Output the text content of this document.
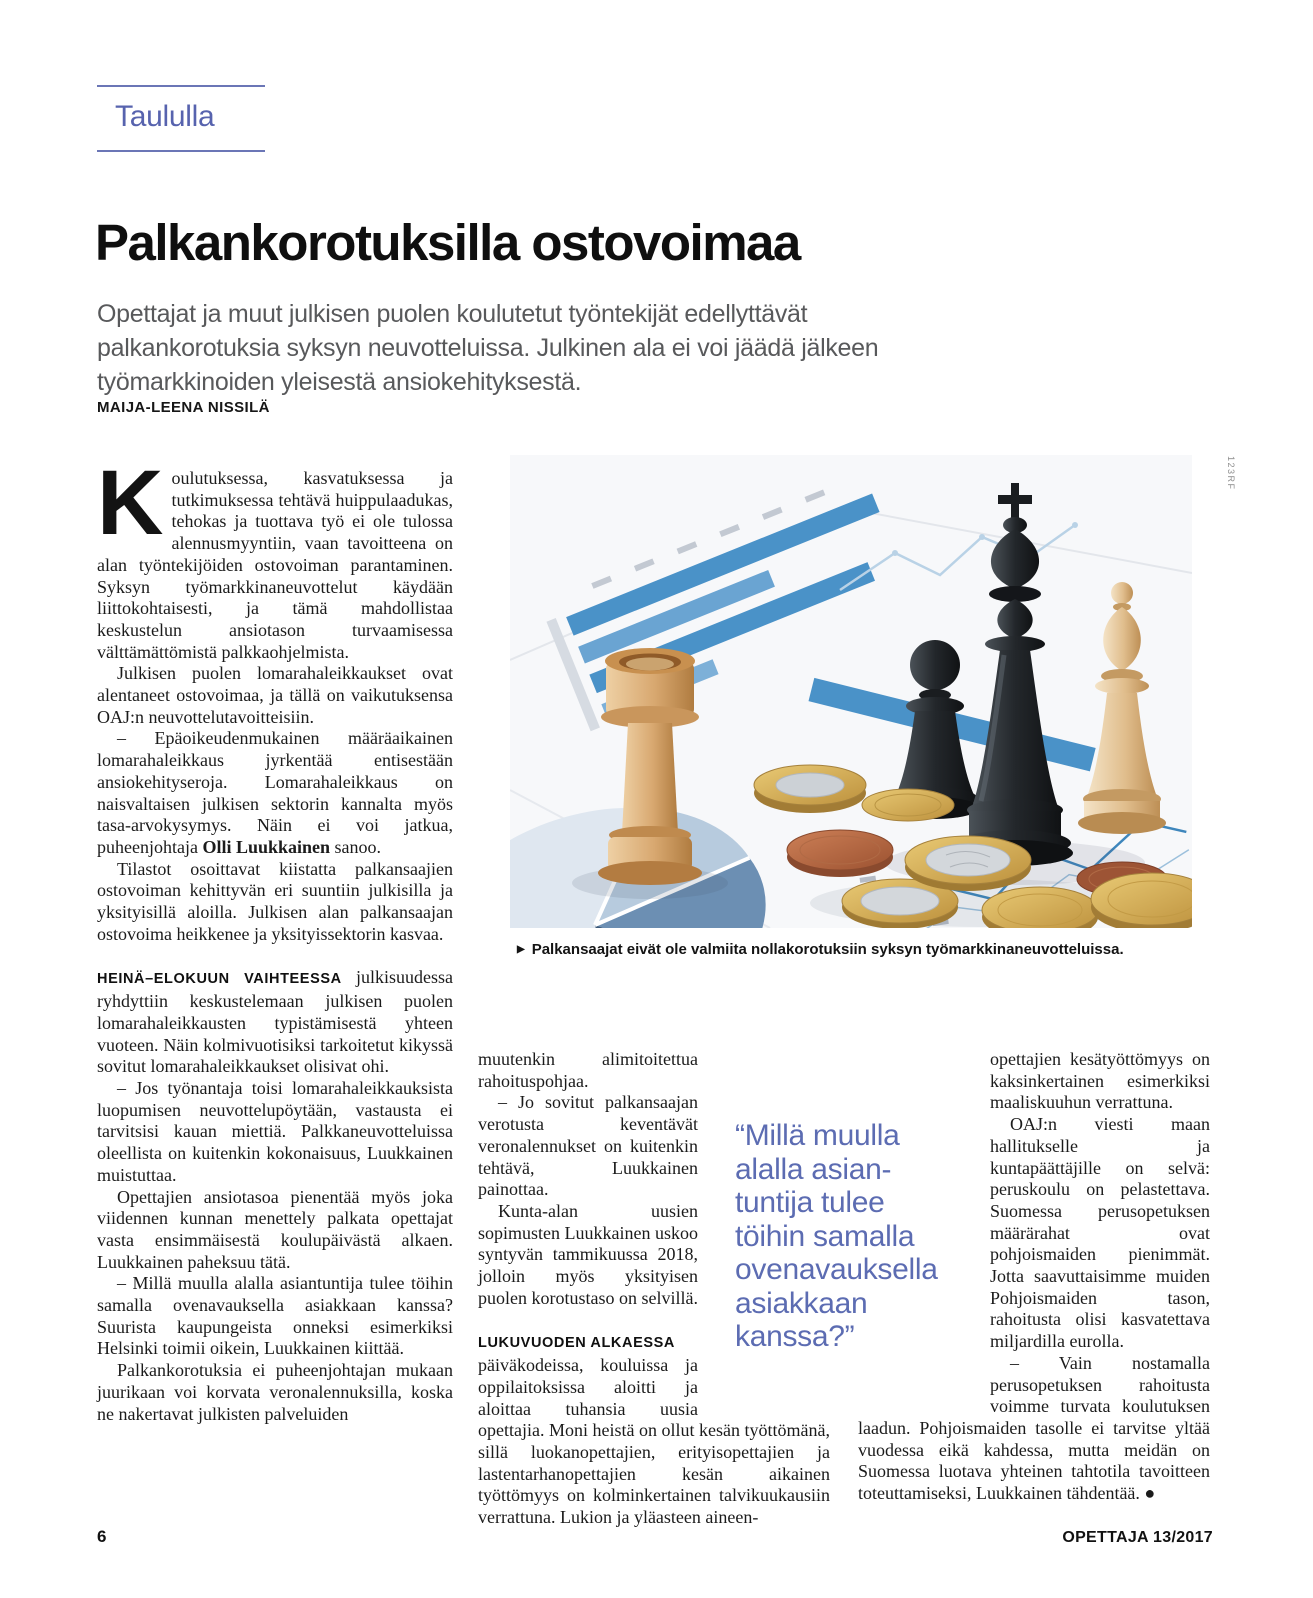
Taululla
Palkankorotuksilla ostovoimaa
Opettajat ja muut julkisen puolen koulutetut työntekijät edellyttävät palkankorotuksia syksyn neuvotteluissa. Julkinen ala ei voi jäädä jälkeen työmarkkinoiden yleisestä ansiokehityksestä.
MAIJA-LEENA NISSILÄ
123RF
▶ Palkansaajat eivät ole valmiita nollakorotuksiin syksyn työmarkkinaneuvotteluissa.
K oulutuksessa, kasvatuksessa ja tutkimuksessa tehtävä huippulaadukas, tehokas ja tuottava työ ei ole tulossa alennusmyyntiin, vaan tavoitteena on alan työntekijöiden ostovoiman parantaminen. Syksyn työmarkkinaneuvottelut käydään liittokohtaisesti, ja tämä mahdollistaa keskustelun ansiotason turvaamisessa välttämättömistä palkkaohjelmista.

Julkisen puolen lomarahaleikkaukset ovat alentaneet ostovoimaa, ja tällä on vaikutuksensa OAJ:n neuvottelutavoitteisiin.

– Epäoikeudenmukainen määräaikainen lomarahaleikkaus jyrkentää entisestään ansiokehityseroja. Lomarahaleikkaus on naisvaltaisen julkisen sektorin kannalta myös tasa-arvokysymys. Näin ei voi jatkua, puheenjohtaja Olli Luukkainen sanoo.

Tilastot osoittavat kiistatta palkansaajien ostovoiman kehittyvän eri suuntiin julkisilla ja yksityisillä aloilla. Julkisen alan palkansaajan ostovoima heikkenee ja yksityissektorin kasvaa.

HEINÄ–ELOKUUN VAIHTEESSA julkisuudessa ryhdyttiin keskustelemaan julkisen puolen lomarahaleikkausten typistämisestä yhteen vuoteen. Näin kolmivuotisiksi tarkoitetut kikyssä sovitut lomarahaleikkaukset olisivat ohi.

– Jos työnantaja toisi lomarahaleikkauksista luopumisen neuvottelupöytään, vastausta ei tarvitsisi kauan miettiä. Palkkaneuvotteluissa oleellista on kuitenkin kokonaisuus, Luukkainen muistuttaa.

Opettajien ansiotasoa pienentää myös joka viidennen kunnan menettely palkata opettajat vasta ensimmäisestä koulupäivästä alkaen. Luukkainen paheksuu tätä.

– Millä muulla alalla asiantuntija tulee töihin samalla ovenavauksella asiakkaan kanssa? Suurista kaupungeista onneksi esimerkiksi Helsinki toimii oikein, Luukkainen kiittää.

Palkankorotuksia ei puheenjohtajan mukaan juurikaan voi korvata veronalennuksilla, koska ne nakertavat julkisten palveluiden

muutenkin alimitoitettua rahoituspohjaa.

– Jo sovitut palkansaajan verotusta keventävät veronalennukset on kuitenkin tehtävä, Luukkainen painottaa.

Kunta-alan uusien sopimusten Luukkainen uskoo syntyvän tammikuussa 2018, jolloin myös yksityisen puolen korotustaso on selvillä.

LUKUVUODEN ALKAESSA

päiväkodeissa, kouluissa ja oppilaitoksissa aloitti ja aloittaa tuhansia uusia opettajia. Moni heistä on ollut kesän työttömänä, sillä luokanopettajien, erityisopettajien ja lastentarhanopettajien kesän aikainen työttömyys on kolminkertainen talvikuukausiin verrattuna. Lukion ja yläasteen aineen-

opettajien kesätyöttömyys on kaksinkertainen esimerkiksi maaliskuuhun verrattuna.

OAJ:n viesti maan hallitukselle ja kuntapäättäjille on selvä: peruskoulu on pelastettava. Suomessa perusopetuksen määrärahat ovat pohjoismaiden pienimmät. Jotta saavuttaisimme muiden Pohjoismaiden tason, rahoitusta olisi kasvatettava miljardilla eurolla.

– Vain nostamalla perusopetuksen rahoitusta voimme turvata koulutuksen laadun. Pohjoismaiden tasolle ei tarvitse yltää vuodessa eikä kahdessa, mutta meidän on Suomessa luotava yhteinen tahtotila tavoitteen toteuttamiseksi, Luukkainen tähdentää. ●

“Millä muulla
alalla asian-
tuntija tulee
töihin samalla
ovenavauksella
asiakkaan
kanssa?”
6	OPETTAJA 13/2017
